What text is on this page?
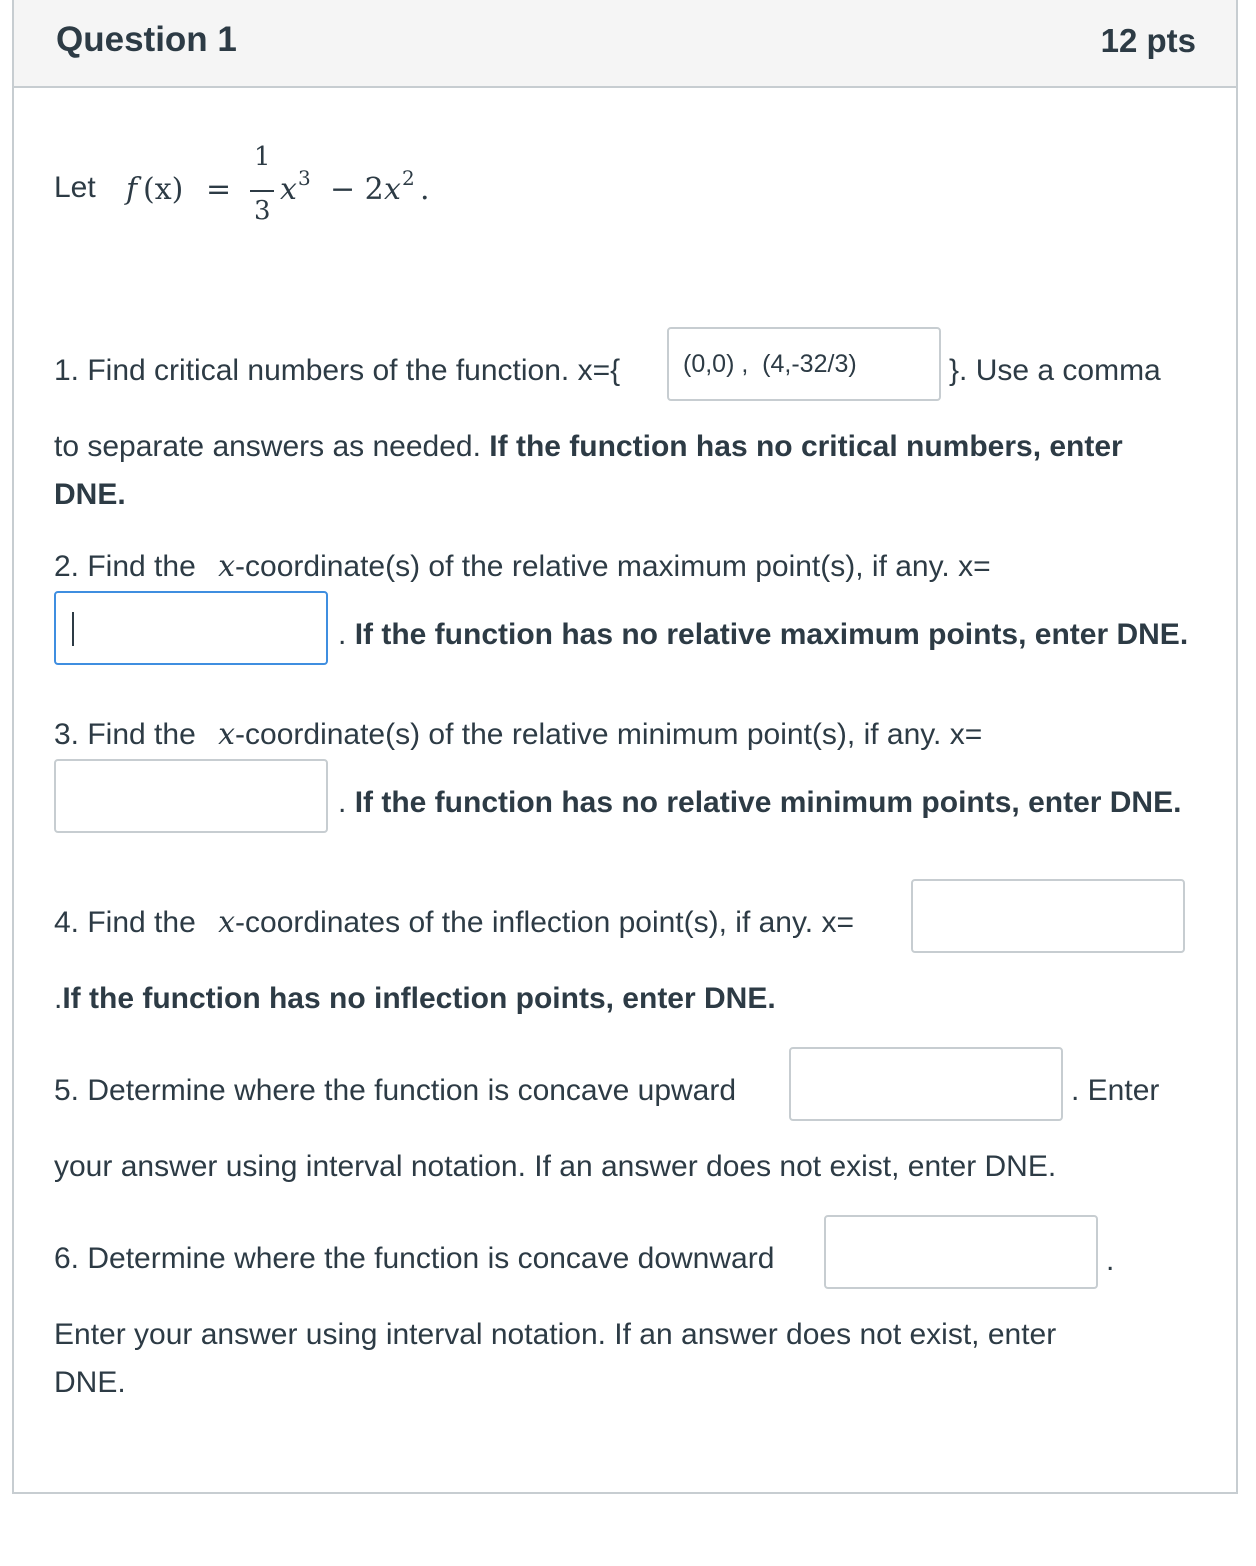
Question 1	12 pts
Let f (x) =
1
3
x 3 − 2 x 2 .
1. Find critical numbers of the function. x={
(0,0) , (4,-32/3)	}. Use a comma
to separate answers as needed. If the function has no critical numbers, enter
DNE.
2. Find the x-coordinate(s) of the relative maximum point(s), if any. x=
. If the function has no relative maximum points, enter DNE.
3. Find the x-coordinate(s) of the relative minimum point(s), if any. x=
. If the function has no relative minimum points, enter DNE.
4. Find the x-coordinates of the inflection point(s), if any. x=
.If the function has no inflection points, enter DNE.
5. Determine where the function is concave upward	. Enter
your answer using interval notation. If an answer does not exist, enter DNE.
6. Determine where the function is concave downward	.
Enter your answer using interval notation. If an answer does not exist, enter
DNE.
